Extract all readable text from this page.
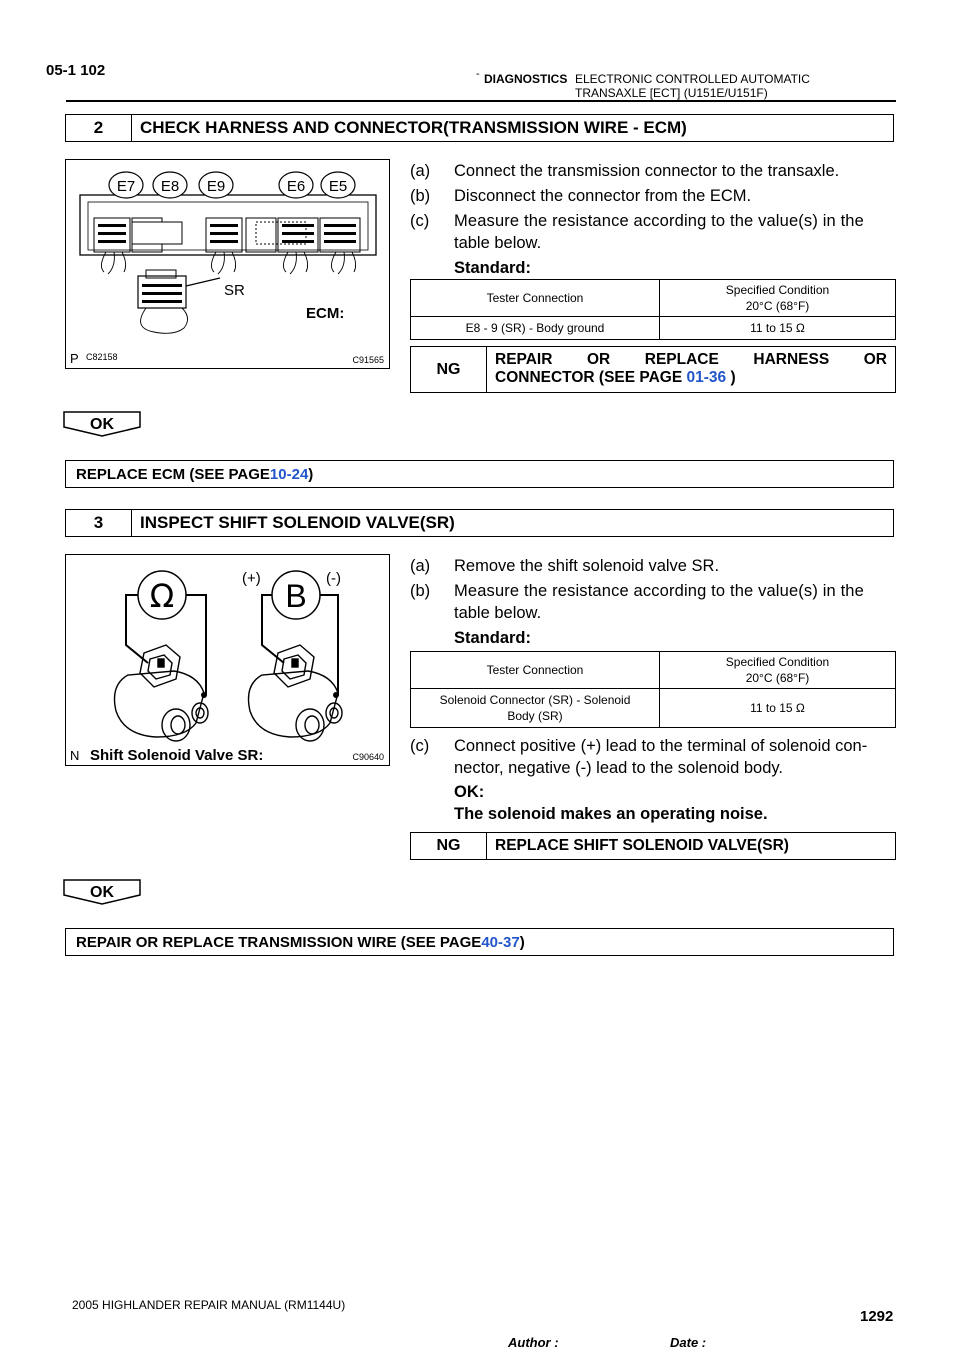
05-1 102	- DIAGNOSTICS ELECTRONIC CONTROLLED AUTOMATIC
TRANSAXLE [ECT] (U151E/U151F)
2	CHECK HARNESS AND CONNECTOR(TRANSMISSION WIRE - ECM)
E7 E8 E9	E6 E5
SR
ECM:
P C82158	C91565
(a) Connect the transmission connector to the transaxle.
(b) Disconnect the connector from the ECM.
(c) Measure the resistance according to the value(s) in the
table below.
Standard:
Tester Connection	Specified Condition
20°C (68°F)

E8 - 9 (SR) - Body ground	11 to 15 Ω
NG
REPAIR OR REPLACE HARNESS OR
CONNECTOR (SEE PAGE 01-36 )
OK
REPLACE ECM (SEE PAGE 10-24 )
3	INSPECT SHIFT SOLENOID VALVE(SR)
Ω	B
(+)	(-)
N Shift Solenoid Valve SR:	C90640
(a) Remove the shift solenoid valve SR.
(b) Measure the resistance according to the value(s) in the
table below.
Standard:
Tester Connection	Specified Condition
20°C (68°F)

Solenoid Connector (SR) - Solenoid
Body (SR)	11 to 15 Ω
(c) Connect positive (+) lead to the terminal of solenoid con-
nector, negative (-) lead to the solenoid body.
OK:
The solenoid makes an operating noise.
NG	REPLACE SHIFT SOLENOID VALVE(SR)
OK
REPAIR OR REPLACE TRANSMISSION WIRE (SEE PAGE 40-37 )
2005 HIGHLANDER REPAIR MANUAL (RM1144U)
1292
Author :	Date :
